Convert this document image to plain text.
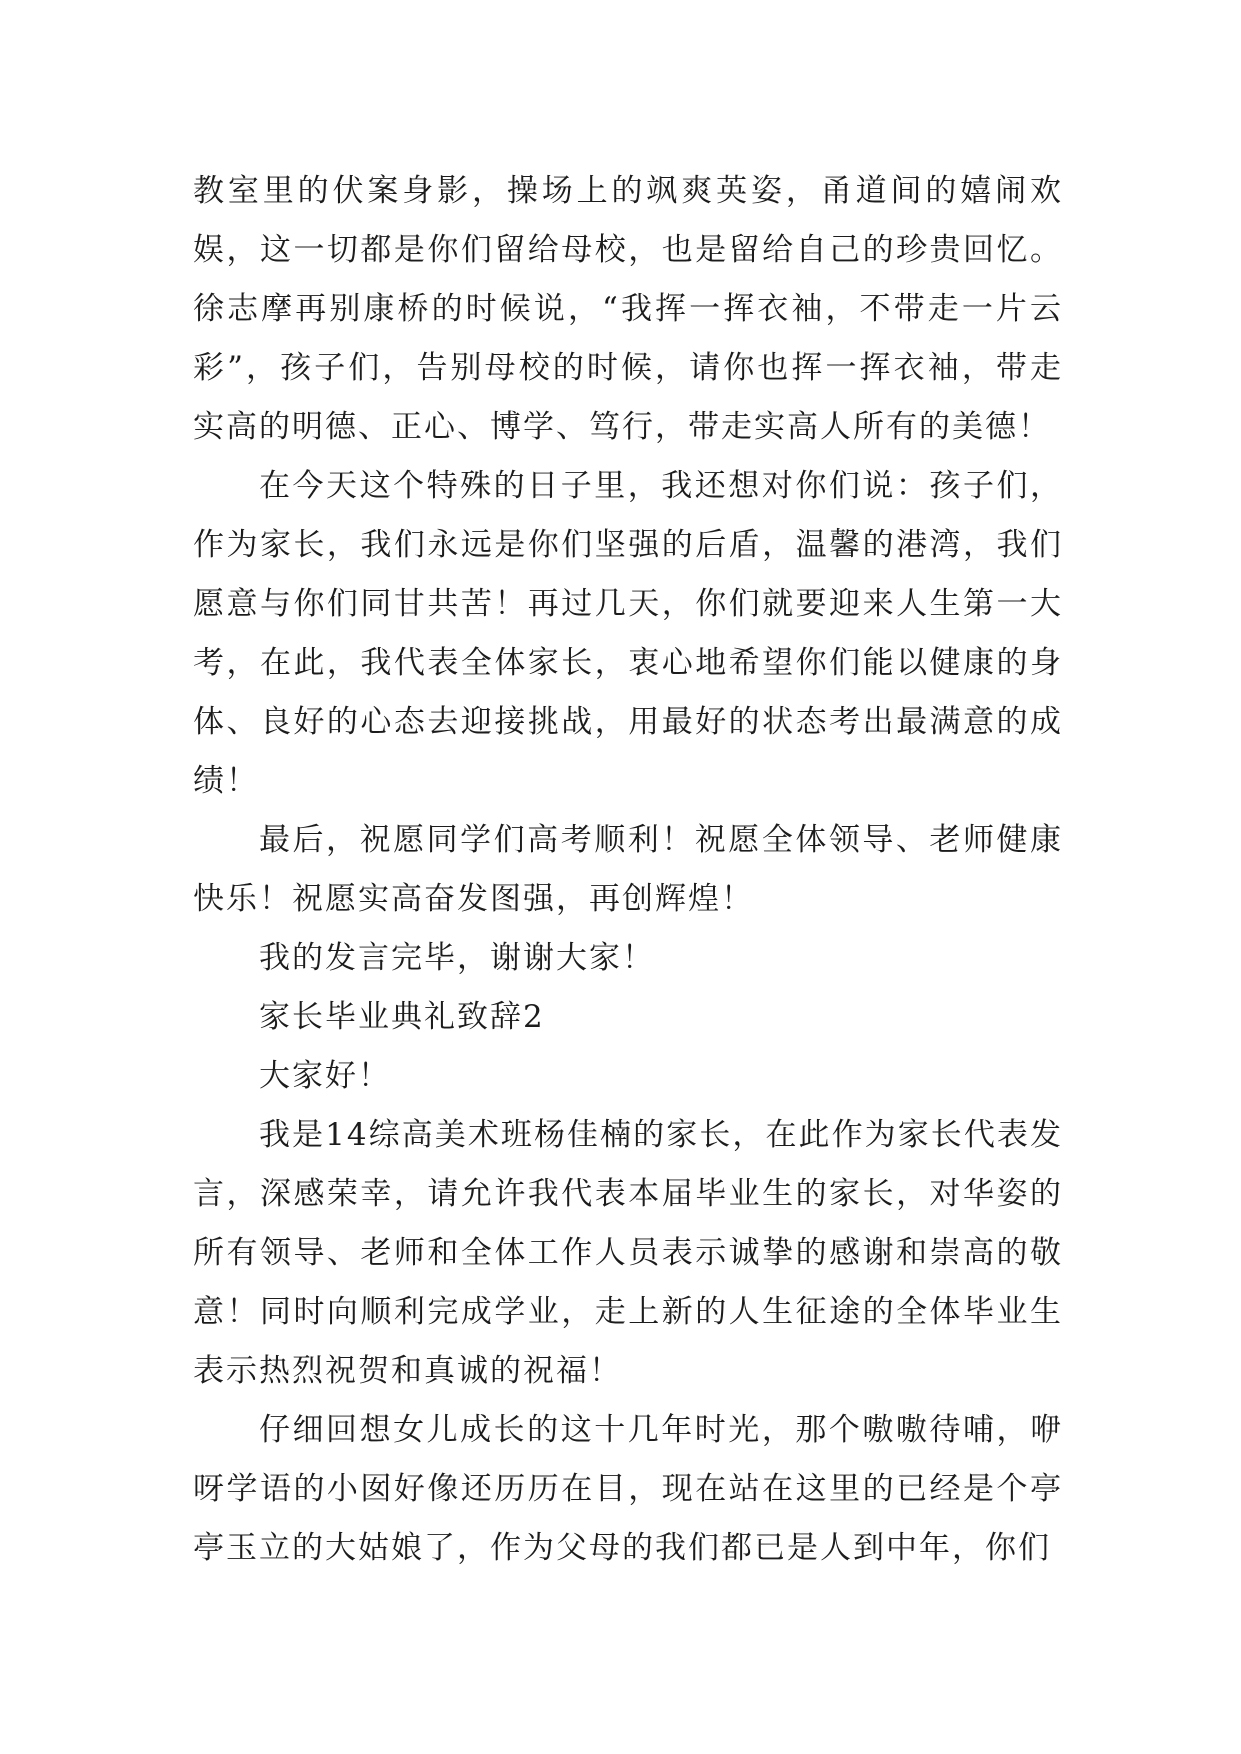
教室里的伏案身影，操场上的飒爽英姿，甬道间的嬉闹欢娱，这一切都是你们留给母校，也是留给自己的珍贵回忆。徐志摩再别康桥的时候说，“我挥一挥衣袖，不带走一片云彩”，孩子们，告别母校的时候，请你也挥一挥衣袖，带走实高的明德、正心、博学、笃行，带走实高人所有的美德！

在今天这个特殊的日子里，我还想对你们说：孩子们，作为家长，我们永远是你们坚强的后盾，温馨的港湾，我们愿意与你们同甘共苦！再过几天，你们就要迎来人生第一大考，在此，我代表全体家长，衷心地希望你们能以健康的身体、良好的心态去迎接挑战，用最好的状态考出最满意的成绩！

最后，祝愿同学们高考顺利！祝愿全体领导、老师健康快乐！祝愿实高奋发图强，再创辉煌！

我的发言完毕，谢谢大家！

家长毕业典礼致辞2

大家好！

我是14综高美术班杨佳楠的家长，在此作为家长代表发言，深感荣幸，请允许我代表本届毕业生的家长，对华姿的所有领导、老师和全体工作人员表示诚挚的感谢和崇高的敬意！同时向顺利完成学业，走上新的人生征途的全体毕业生表示热烈祝贺和真诚的祝福！

仔细回想女儿成长的这十几年时光，那个嗷嗷待哺，咿呀学语的小囡好像还历历在目，现在站在这里的已经是个亭亭玉立的大姑娘了，作为父母的我们都已是人到中年，你们
